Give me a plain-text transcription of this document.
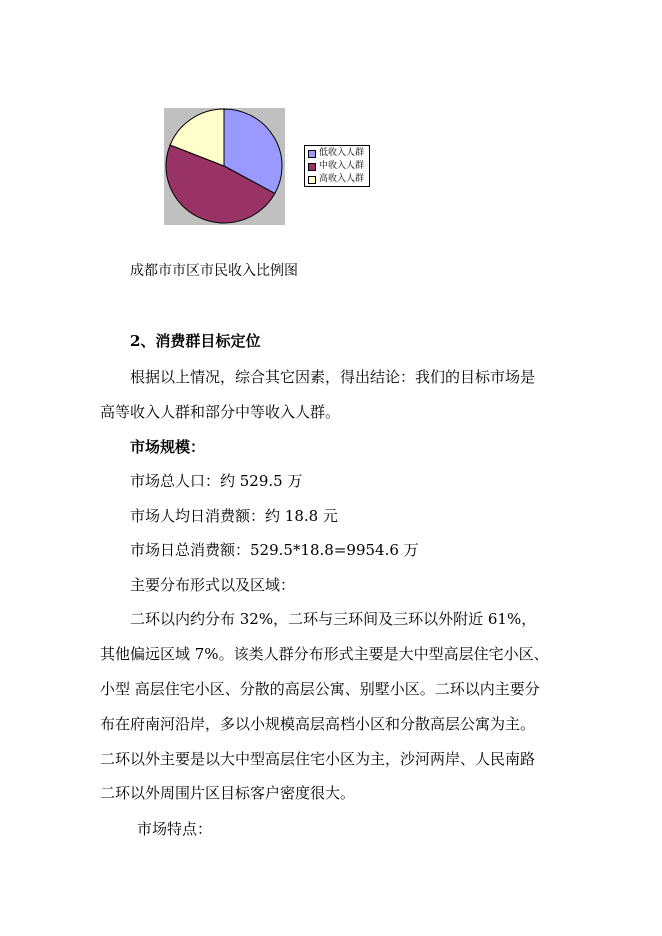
低收入人群
中收入人群
高收入人群
成都市市区市民收入比例图
2、消费群目标定位
根据以上情况，综合其它因素，得出结论：我们的目标市场是
高等收入人群和部分中等收入人群。
市场规模：
市场总人口：约 529.5 万
市场人均日消费额：约 18.8 元
市场日总消费额：529.5*18.8=9954.6 万
主要分布形式以及区域：
二环以内约分布 32%，二环与三环间及三环以外附近 61%，
其他偏远区域 7%。该类人群分布形式主要是大中型高层住宅小区、
小型 高层住宅小区、分散的高层公寓、别墅小区。二环以内主要分
布在府南河沿岸，多以小规模高层高档小区和分散高层公寓为主。
二环以外主要是以大中型高层住宅小区为主，沙河两岸、人民南路
二环以外周围片区目标客户密度很大。
市场特点：
